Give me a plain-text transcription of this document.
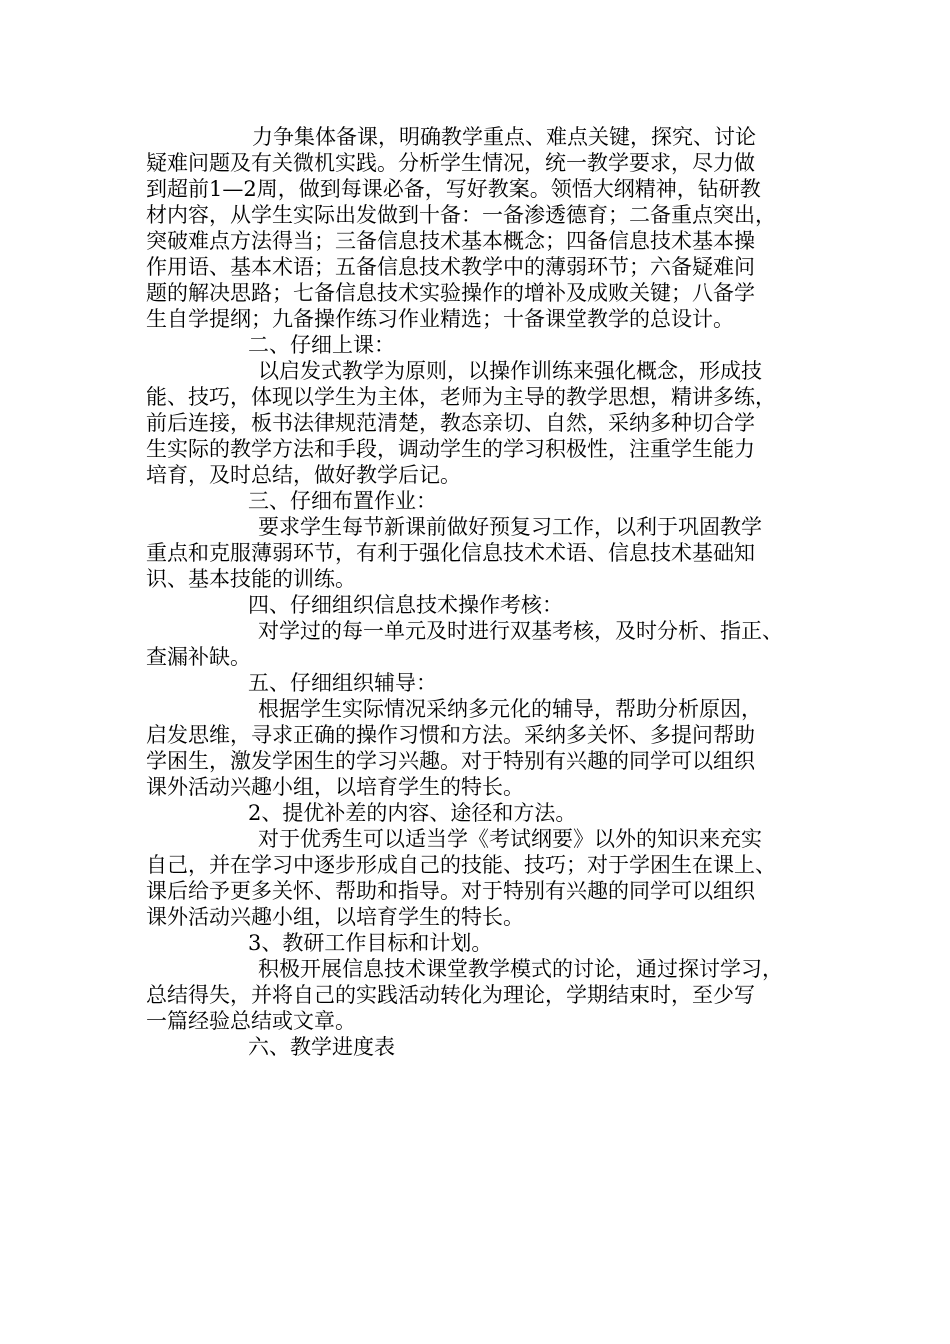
力争集体备课，明确教学重点、难点关键，探究、讨论
疑难问题及有关微机实践。分析学生情况，统一教学要求，尽力做
到超前1—2周，做到每课必备，写好教案。领悟大纲精神，钻研教
材内容，从学生实际出发做到十备：一备渗透德育；二备重点突出，
突破难点方法得当；三备信息技术基本概念；四备信息技术基本操
作用语、基本术语；五备信息技术教学中的薄弱环节；六备疑难问
题的解决思路；七备信息技术实验操作的增补及成败关键；八备学
生自学提纲；九备操作练习作业精选；十备课堂教学的总设计。
二、仔细上课：
以启发式教学为原则，以操作训练来强化概念，形成技
能、技巧，体现以学生为主体，老师为主导的教学思想，精讲多练，
前后连接，板书法律规范清楚，教态亲切、自然，采纳多种切合学
生实际的教学方法和手段，调动学生的学习积极性，注重学生能力
培育，及时总结，做好教学后记。
三、仔细布置作业：
要求学生每节新课前做好预复习工作，以利于巩固教学
重点和克服薄弱环节，有利于强化信息技术术语、信息技术基础知
识、基本技能的训练。
四、仔细组织信息技术操作考核：
对学过的每一单元及时进行双基考核，及时分析、指正、
查漏补缺。
五、仔细组织辅导：
根据学生实际情况采纳多元化的辅导，帮助分析原因，
启发思维，寻求正确的操作习惯和方法。采纳多关怀、多提问帮助
学困生，激发学困生的学习兴趣。对于特别有兴趣的同学可以组织
课外活动兴趣小组，以培育学生的特长。
2、提优补差的内容、途径和方法。
对于优秀生可以适当学《考试纲要》以外的知识来充实
自己，并在学习中逐步形成自己的技能、技巧；对于学困生在课上、
课后给予更多关怀、帮助和指导。对于特别有兴趣的同学可以组织
课外活动兴趣小组，以培育学生的特长。
3、教研工作目标和计划。
积极开展信息技术课堂教学模式的讨论，通过探讨学习，
总结得失，并将自己的实践活动转化为理论，学期结束时，至少写
一篇经验总结或文章。
六、教学进度表
